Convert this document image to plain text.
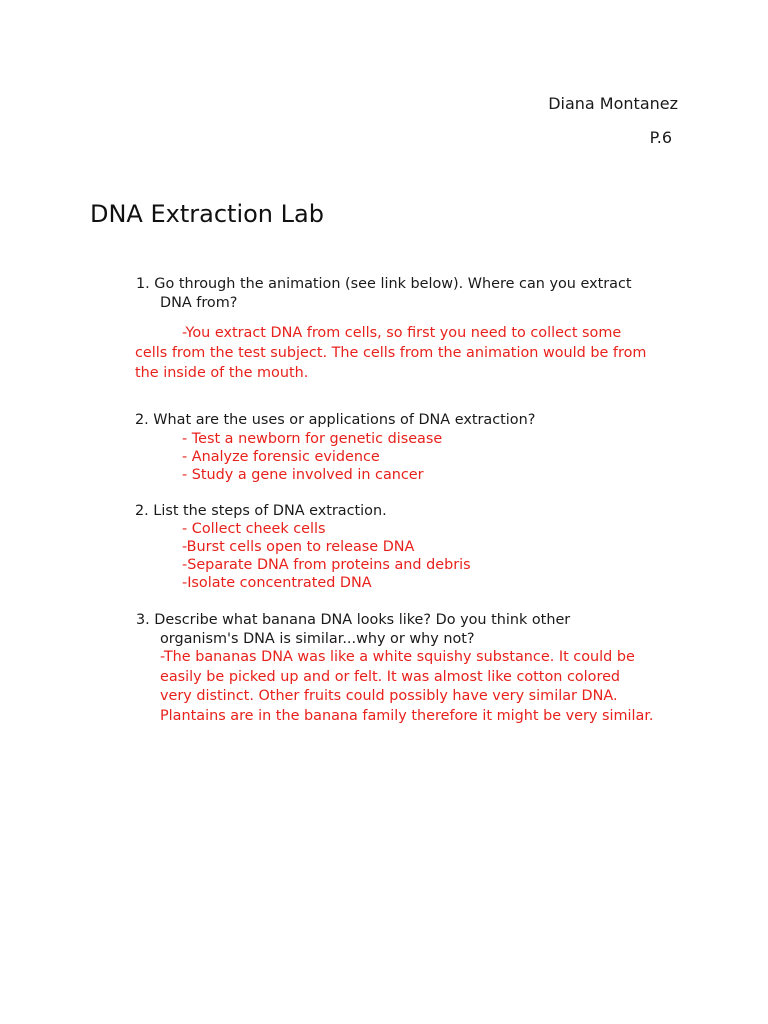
Diana Montanez
P.6
DNA Extraction Lab
1. Go through the animation (see link below). Where can you extract
DNA from?
-You extract DNA from cells, so first you need to collect some
cells from the test subject. The cells from the animation would be from
the inside of the mouth.
2. What are the uses or applications of DNA extraction?
- Test a newborn for genetic disease
- Analyze forensic evidence
- Study a gene involved in cancer
2. List the steps of DNA extraction.
- Collect cheek cells
-Burst cells open to release DNA
-Separate DNA from proteins and debris
-Isolate concentrated DNA
3. Describe what banana DNA looks like? Do you think other
organism's DNA is similar...why or why not?
-The bananas DNA was like a white squishy substance. It could be
easily be picked up and or felt. It was almost like cotton colored
very distinct. Other fruits could possibly have very similar DNA.
Plantains are in the banana family therefore it might be very similar.
